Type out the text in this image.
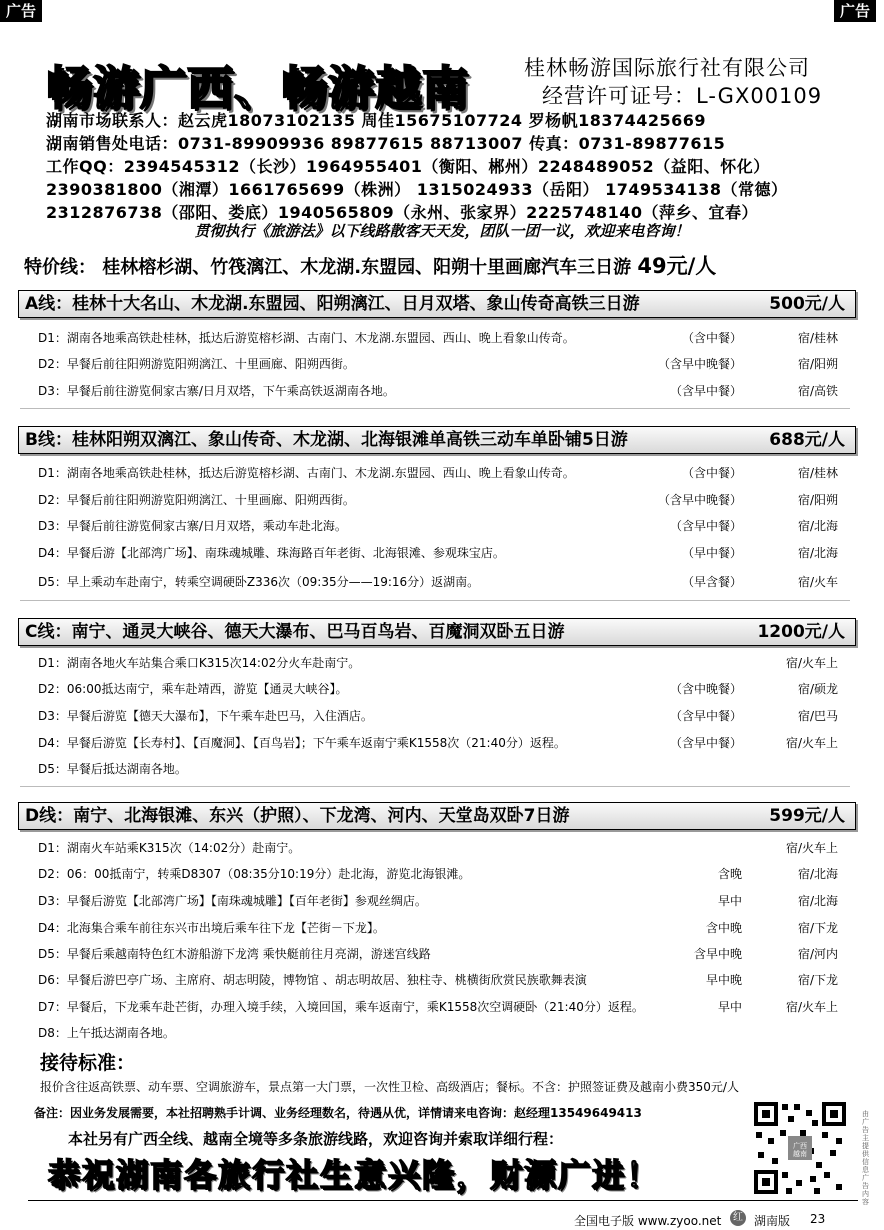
广告	广告
畅游广西、畅游越南	桂林畅游国际旅行社有限公司
经营许可证号：L-GX00109
湖南市场联系人：赵云虎18073102135 周佳15675107724 罗杨帆18374425669
湖南销售处电话：0731-89909936 89877615 88713007 传真：0731-89877615
工作QQ：2394545312（长沙）1964955401（衡阳、郴州）2248489052（益阳、怀化）
2390381800（湘潭）1661765699（株洲） 1315024933（岳阳） 1749534138（常德）
2312876738（邵阳、娄底）1940565809（永州、张家界）2225748140（萍乡、宜春）
贯彻执行《旅游法》以下线路散客天天发，团队一团一议，欢迎来电咨询！
特价线： 桂林榕杉湖、竹筏漓江、木龙湖.东盟园、阳朔十里画廊汽车三日游 49元/人
A线：桂林十大名山、木龙湖.东盟园、阳朔漓江、日月双塔、象山传奇高铁三日游	500元/人
D1：湖南各地乘高铁赴桂林，抵达后游览榕杉湖、古南门、木龙湖.东盟园、西山、晚上看象山传奇。	（含中餐）	宿/桂林
D2：早餐后前往阳朔游览阳朔漓江、十里画廊、阳朔西街。	（含早中晚餐）	宿/阳朔
D3：早餐后前往游览侗家古寨/日月双塔，下午乘高铁返湖南各地。	（含早中餐）	宿/高铁
B线：桂林阳朔双漓江、象山传奇、木龙湖、北海银滩单高铁三动车单卧铺5日游	688元/人
D1：湖南各地乘高铁赴桂林，抵达后游览榕杉湖、古南门、木龙湖.东盟园、西山、晚上看象山传奇。	（含中餐）	宿/桂林
D2：早餐后前往阳朔游览阳朔漓江、十里画廊、阳朔西街。	（含早中晚餐）	宿/阳朔
D3：早餐后前往游览侗家古寨/日月双塔，乘动车赴北海。	（含早中餐）	宿/北海
D4：早餐后游【北部湾广场】、南珠魂城雕、珠海路百年老街、北海银滩、参观珠宝店。	（早中餐）	宿/北海
D5：早上乘动车赴南宁，转乘空调硬卧Z336次（09:35分——19:16分）返湖南。	（早含餐）	宿/火车
C线：南宁、通灵大峡谷、德天大瀑布、巴马百鸟岩、百魔洞双卧五日游	1200元/人
D1：湖南各地火车站集合乘口K315次14:02分火车赴南宁。	宿/火车上
D2：06:00抵达南宁，乘车赴靖西，游览【通灵大峡谷】。	（含中晚餐）	宿/硕龙
D3：早餐后游览【德天大瀑布】，下午乘车赴巴马，入住酒店。	（含早中餐）	宿/巴马
D4：早餐后游览【长寿村】、【百魔洞】、【百鸟岩】；下午乘车返南宁乘K1558次（21:40分）返程。	（含早中餐）	宿/火车上
D5：早餐后抵达湖南各地。
D线：南宁、北海银滩、东兴（护照）、下龙湾、河内、天堂岛双卧7日游	599元/人
D1：湖南火车站乘K315次（14:02分）赴南宁。	宿/火车上
D2：06：00抵南宁，转乘D8307（08:35分10:19分）赴北海，游览北海银滩。	含晚	宿/北海
D3：早餐后游览【北部湾广场】【南珠魂城雕】【百年老街】参观丝绸店。	早中	宿/北海
D4：北海集合乘车前往东兴市出境后乘车往下龙【芒街－下龙】。	含中晚	宿/下龙
D5：早餐后乘越南特色红木游船游下龙湾 乘快艇前往月亮湖，游迷宫线路	含早中晚	宿/河内
D6：早餐后游巴亭广场、主席府、胡志明陵，博物馆 、胡志明故居、独柱寺、桃横街欣赏民族歌舞表演	早中晚	宿/下龙
D7：早餐后，下龙乘车赴芒街，办理入境手续，入境回国，乘车返南宁，乘K1558次空调硬卧（21:40分）返程。	早中	宿/火车上
D8：上午抵达湖南各地。
接待标准：
报价含往返高铁票、动车票、空调旅游车，景点第一大门票，一次性卫检、高级酒店；餐标。不含：护照签证费及越南小费350元/人
备注：因业务发展需要，本社招聘熟手计调、业务经理数名，待遇从优，详情请来电咨询：赵经理13549649413
本社另有广西全线、越南全境等多条旅游线路，欢迎咨询并索取详细行程：
恭祝湖南各旅行社生意兴隆，财源广进！
广西越南
由广告主提供信息广告内容
全国电子版 www.zyoo.net	红 湖南版 23
